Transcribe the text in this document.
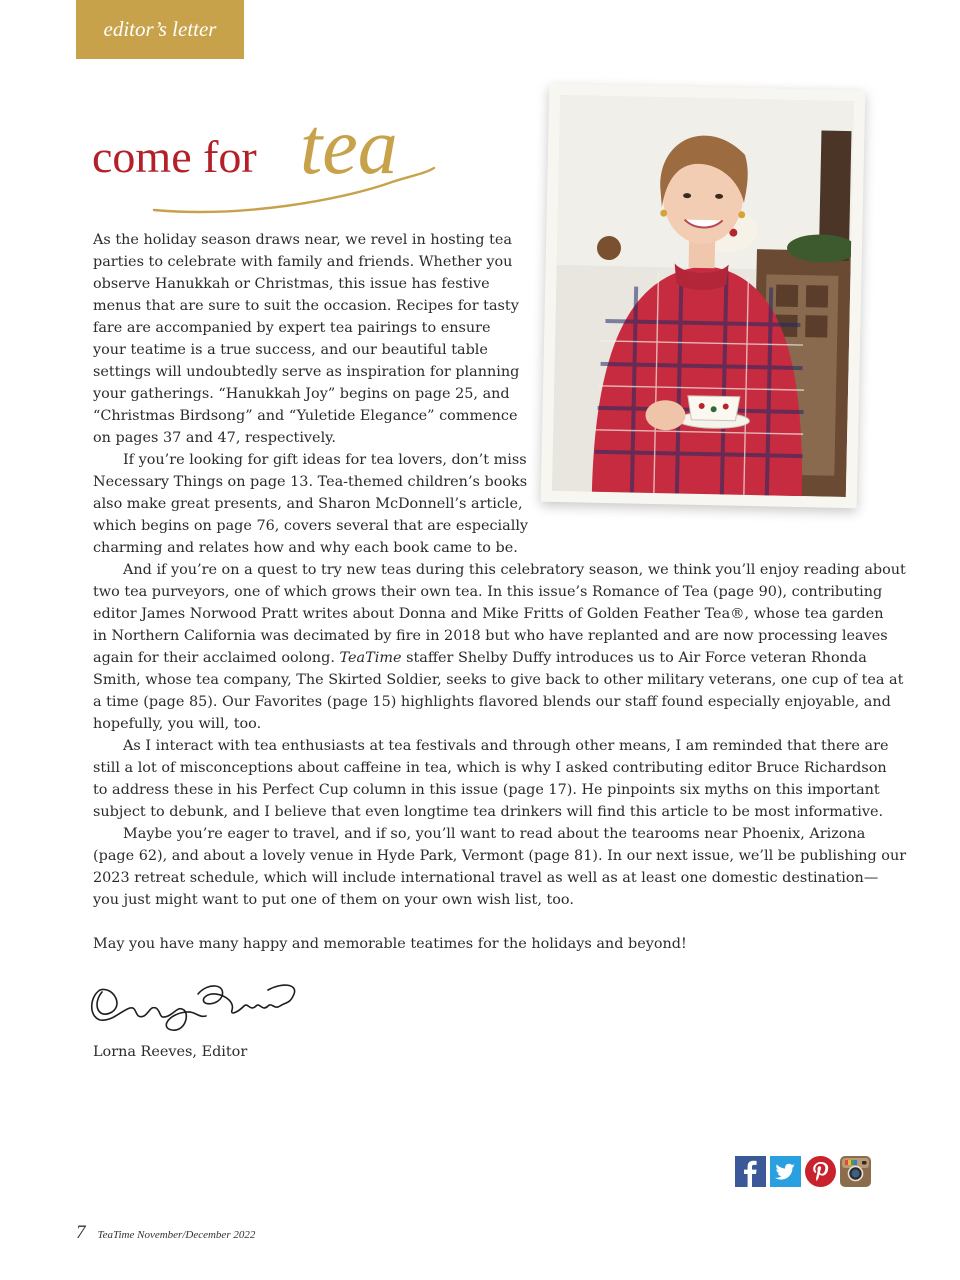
editor’s letter
come for tea
As the holiday season draws near, we revel in hosting tea
parties to celebrate with family and friends. Whether you
observe Hanukkah or Christmas, this issue has festive
menus that are sure to suit the occasion. Recipes for tasty
fare are accompanied by expert tea pairings to ensure
your teatime is a true success, and our beautiful table
settings will undoubtedly serve as inspiration for planning
your gatherings. “Hanukkah Joy” begins on page 25, and
“Christmas Birdsong” and “Yuletide Elegance” commence
on pages 37 and 47, respectively.
If you’re looking for gift ideas for tea lovers, don’t miss
Necessary Things on page 13. Tea-themed children’s books
also make great presents, and Sharon McDonnell’s article,
which begins on page 76, covers several that are especially
charming and relates how and why each book came to be.
And if you’re on a quest to try new teas during this celebratory season, we think you’ll enjoy reading about
two tea purveyors, one of which grows their own tea. In this issue’s Romance of Tea (page 90), contributing
editor James Norwood Pratt writes about Donna and Mike Fritts of Golden Feather Tea®, whose tea garden
in Northern California was decimated by fire in 2018 but who have replanted and are now processing leaves
again for their acclaimed oolong. TeaTime staffer Shelby Duffy introduces us to Air Force veteran Rhonda
Smith, whose tea company, The Skirted Soldier, seeks to give back to other military veterans, one cup of tea at
a time (page 85). Our Favorites (page 15) highlights flavored blends our staff found especially enjoyable, and
hopefully, you will, too.
As I interact with tea enthusiasts at tea festivals and through other means, I am reminded that there are
still a lot of misconceptions about caffeine in tea, which is why I asked contributing editor Bruce Richardson
to address these in his Perfect Cup column in this issue (page 17). He pinpoints six myths on this important
subject to debunk, and I believe that even longtime tea drinkers will find this article to be most informative.
Maybe you’re eager to travel, and if so, you’ll want to read about the tearooms near Phoenix, Arizona
(page 62), and about a lovely venue in Hyde Park, Vermont (page 81). In our next issue, we’ll be publishing our
2023 retreat schedule, which will include international travel as well as at least one domestic destination—
you just might want to put one of them on your own wish list, too.
May you have many happy and memorable teatimes for the holidays and beyond!
Lorna Reeves, Editor
7 TeaTime November/December 2022
